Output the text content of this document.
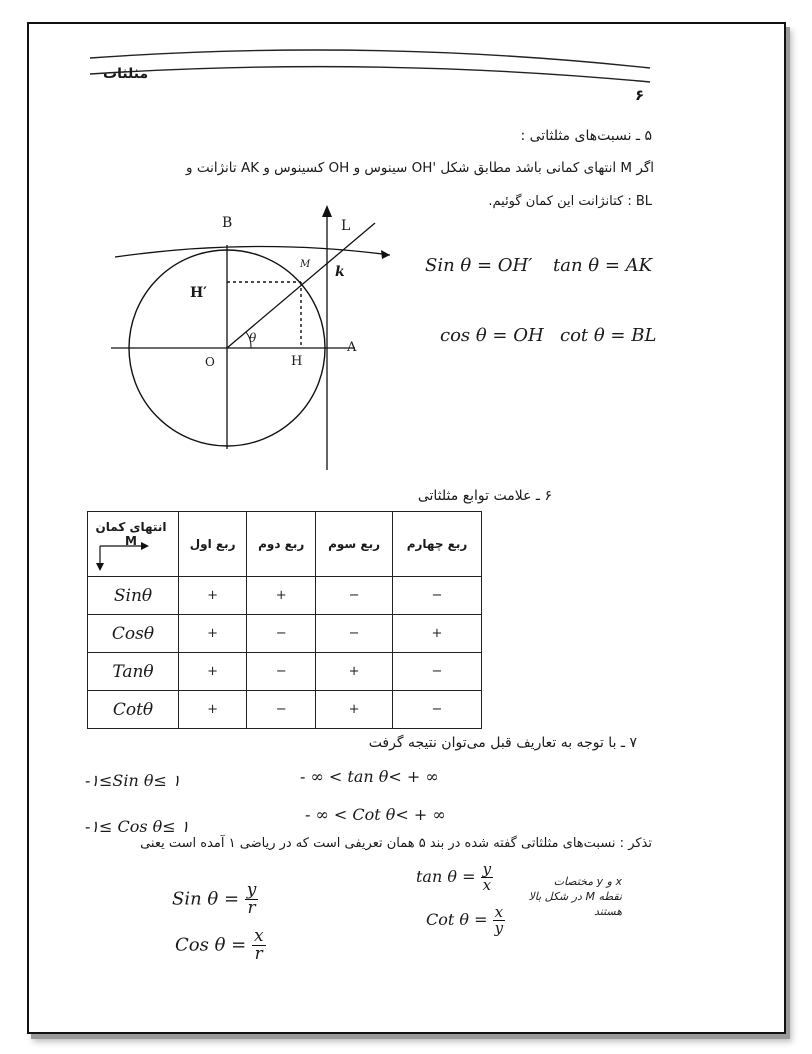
مثلثات
۶
۵ ـ نسبت‌های مثلثاتی :
اگر M انتهای کمانی باشد مطابق شکل 'OH سینوس و OH کسینوس و AK تانژانت و
BL : کتانژانت این کمان گوئیم.
B	L
k
M
H′
θ
O	H
A
Sin θ = OH′ tan θ = AK
cos θ = OH cot θ = BL
۶ ـ علامت توابع مثلثاتی
انتهای کمان M	ربع اول	ربع دوم	ربع سوم	ربع چهارم
Sinθ	+	+	−	−
Cosθ	+	−	−	+
Tanθ	+	−	+	−
Cotθ	+	−	+	−
۷ ـ با توجه به تعاریف قبل می‌توان نتیجه گرفت
-۱≤Sin θ≤ ۱	- ∞ < tan θ< + ∞
-۱≤ Cos θ≤ ۱
- ∞ < Cot θ< + ∞
تذکر : نسبت‌های مثلثاتی گفته شده در بند ۵ همان تعریفی است که در ریاضی ۱ آمده است یعنی
Sin $\theta = \frac{y}{r}$
Cos $\theta = \frac{x}{r}$
$\tan \theta = \frac{y}{x}$
Cot $\theta = \frac{x}{y}$
x و y مختصات
نقطه M در شکل بالا
هستند
